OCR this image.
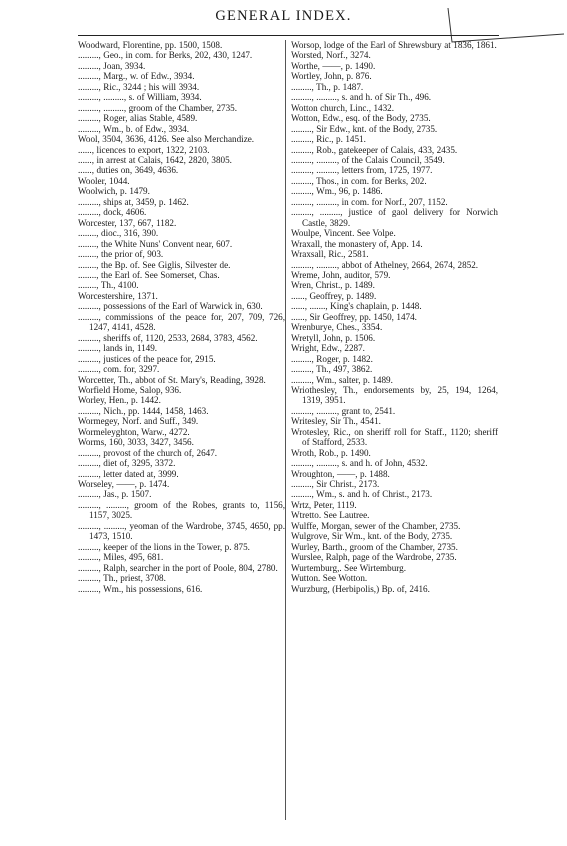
GENERAL INDEX.
Woodward, Florentine, pp. 1500, 1508.
........., Geo., in com. for Berks, 202, 430, 1247.
........., Joan, 3934.
........., Marg., w. of Edw., 3934.
........., Ric., 3244 ; his will 3934.
........., ........., s. of William, 3934.
........., ........., groom of the Chamber, 2735.
........., Roger, alias Stable, 4589.
........., Wm., b. of Edw., 3934.
Wool, 3504, 3636, 4126. See also Merchandize.
......, licences to export, 1322, 2103.
......, in arrest at Calais, 1642, 2820, 3805.
......, duties on, 3649, 4636.
Wooler, 1044.
Woolwich, p. 1479.
........., ships at, 3459, p. 1462.
........., dock, 4606.
Worcester, 137, 667, 1182.
........, dioc., 316, 390.
........, the White Nuns' Convent near, 607.
........, the prior of, 903.
........, the Bp. of. See Giglis, Silvester de.
........, the Earl of. See Somerset, Chas.
........, Th., 4100.
Worcestershire, 1371.
........., possessions of the Earl of Warwick in, 630.
........., commissions of the peace for, 207, 709, 726, 1247, 4141, 4528.
........., sheriffs of, 1120, 2533, 2684, 3783, 4562.
........., lands in, 1149.
........., justices of the peace for, 2915.
........., com. for, 3297.
Worcetter, Th., abbot of St. Mary's, Reading, 3928.
Worfield Home, Salop, 936.
Worley, Hen., p. 1442.
........., Nich., pp. 1444, 1458, 1463.
Wormegey, Norf. and Suff., 349.
Wormeleyghton, Warw., 4272.
Worms, 160, 3033, 3427, 3456.
........., provost of the church of, 2647.
........., diet of, 3295, 3372.
........., letter dated at, 3999.
Worseley, ——, p. 1474.
........., Jas., p. 1507.
........., ........., groom of the Robes, grants to, 1156, 1157, 3025.
........., ........., yeoman of the Wardrobe, 3745, 4650, pp. 1473, 1510.
........., keeper of the lions in the Tower, p. 875.
........., Miles, 495, 681.
........., Ralph, searcher in the port of Poole, 804, 2780.
........., Th., priest, 3708.
........., Wm., his possessions, 616.
Worsop, lodge of the Earl of Shrewsbury at 1836, 1861.
Worsted, Norf., 3274.
Worthe, ——, p. 1490.
Wortley, John, p. 876.
........., Th., p. 1487.
........., ........., s. and h. of Sir Th., 496.
Wotton church, Linc., 1432.
Wotton, Edw., esq. of the Body, 2735.
........., Sir Edw., knt. of the Body, 2735.
........., Ric., p. 1451.
........., Rob., gatekeeper of Calais, 433, 2435.
........., ........., of the Calais Council, 3549.
........., ........., letters from, 1725, 1977.
........., Thos., in com. for Berks, 202.
........., Wm., 96, p. 1486.
........., ........., in com. for Norf., 207, 1152.
........., ........., justice of gaol delivery for Norwich Castle, 3829.
Woulpe, Vincent. See Volpe.
Wraxall, the monastery of, App. 14.
Wraxsall, Ric., 2581.
........., ........., abbot of Athelney, 2664, 2674, 2852.
Wreme, John, auditor, 579.
Wren, Christ., p. 1489.
......, Geoffrey, p. 1489.
......, ......., King's chaplain, p. 1448.
......, Sir Geoffrey, pp. 1450, 1474.
Wrenburye, Ches., 3354.
Wretyll, John, p. 1506.
Wright, Edw., 2287.
........., Roger, p. 1482.
........., Th., 497, 3862.
........., Wm., salter, p. 1489.
Wriothesley, Th., endorsements by, 25, 194, 1264, 1319, 3951.
........., ........., grant to, 2541.
Writesley, Sir Th., 4541.
Wrotesley, Ric., on sheriff roll for Staff., 1120; sheriff of Stafford, 2533.
Wroth, Rob., p. 1490.
........., ........., s. and h. of John, 4532.
Wroughton, ——, p. 1488.
........., Sir Christ., 2173.
........., Wm., s. and h. of Christ., 2173.
Wrtz, Peter, 1119.
Wtretto. See Lautree.
Wulffe, Morgan, sewer of the Chamber, 2735.
Wulgrove, Sir Wm., knt. of the Body, 2735.
Wurley, Barth., groom of the Chamber, 2735.
Wurslee, Ralph, page of the Wardrobe, 2735.
Wurtemburg,. See Wirtemburg.
Wutton. See Wotton.
Wurzburg, (Herbipolis,) Bp. of, 2416.
